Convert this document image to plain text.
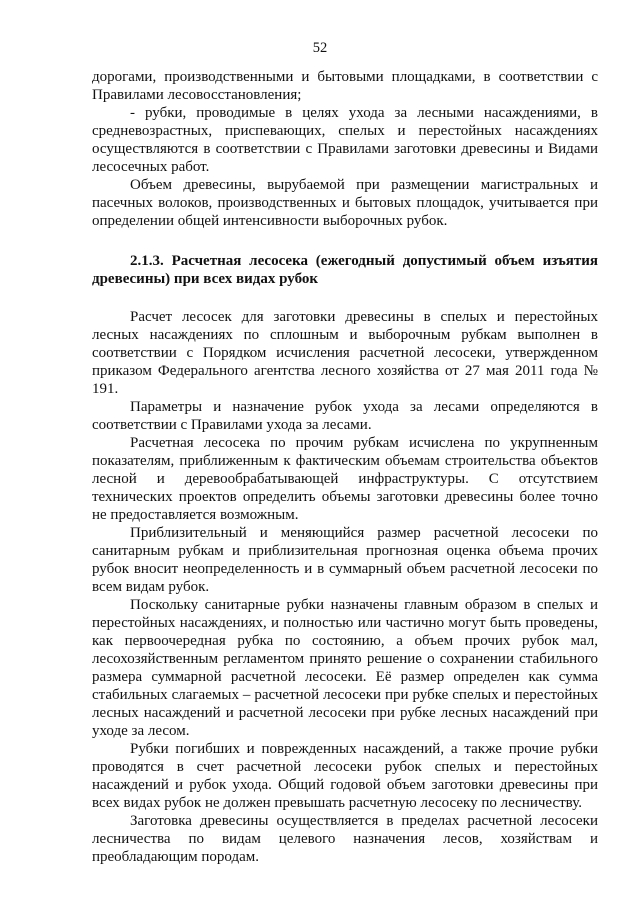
52

дорогами, производственными и бытовыми площадками, в соответствии с Правилами лесовосстановления;

- рубки, проводимые в целях ухода за лесными насаждениями, в средневозрастных, приспевающих, спелых и перестойных насаждениях осуществляются в соответствии с Правилами заготовки древесины и Видами лесосечных работ.

Объем древесины, вырубаемой при размещении магистральных и пасечных волоков, производственных и бытовых площадок, учитывается при определении общей интенсивности выборочных рубок.

2.1.3. Расчетная лесосека (ежегодный допустимый объем изъятия древесины) при всех видах рубок

Расчет лесосек для заготовки древесины в спелых и перестойных лесных насаждениях по сплошным и выборочным рубкам выполнен в соответствии с Порядком исчисления расчетной лесосеки, утвержденном приказом Федерального агентства лесного хозяйства от 27 мая 2011 года № 191.

Параметры и назначение рубок ухода за лесами определяются в соответствии с Правилами ухода за лесами.

Расчетная лесосека по прочим рубкам исчислена по укрупненным показателям, приближенным к фактическим объемам строительства объектов лесной и деревообрабатывающей инфраструктуры. С отсутствием технических проектов определить объемы заготовки древесины более точно не предоставляется возможным.

Приблизительный и меняющийся размер расчетной лесосеки по санитарным рубкам и приблизительная прогнозная оценка объема прочих рубок вносит неопределенность и в суммарный объем расчетной лесосеки по всем видам рубок.

Поскольку санитарные рубки назначены главным образом в спелых и перестойных насаждениях, и полностью или частично могут быть проведены, как первоочередная рубка по состоянию, а объем прочих рубок мал, лесохозяйственным регламентом принято решение о сохранении стабильного размера суммарной расчетной лесосеки. Её размер определен как сумма стабильных слагаемых – расчетной лесосеки при рубке спелых и перестойных лесных насаждений и расчетной лесосеки при рубке лесных насаждений при уходе за лесом.

Рубки погибших и поврежденных насаждений, а также прочие рубки проводятся в счет расчетной лесосеки рубок спелых и перестойных насаждений и рубок ухода. Общий годовой объем заготовки древесины при всех видах рубок не должен превышать расчетную лесосеку по лесничеству.

Заготовка древесины осуществляется в пределах расчетной лесосеки лесничества по видам целевого назначения лесов, хозяйствам и преобладающим породам.
